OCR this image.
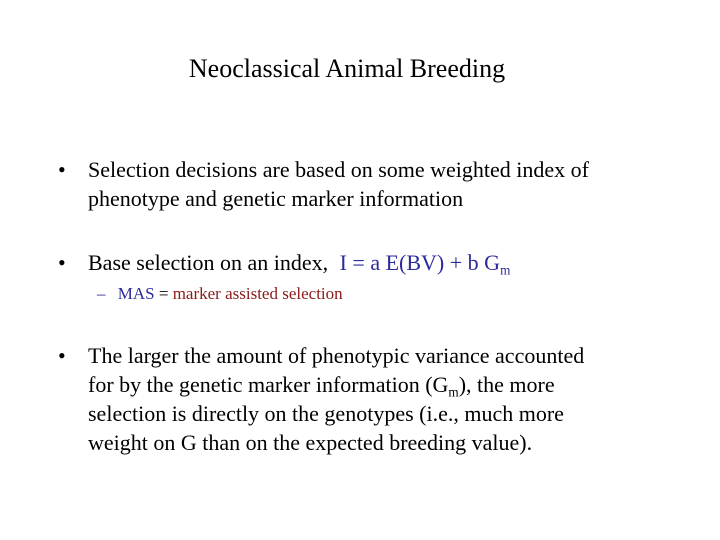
Neoclassical Animal Breeding
• Selection decisions are based on some weighted index of
phenotype and genetic marker information
• Base selection on an index, I = a E(BV) + b $G_m$
– MAS = marker assisted selection
• The larger the amount of phenotypic variance accounted
for by the genetic marker information $(G_m)$, the more
selection is directly on the genotypes (i.e., much more
weight on G than on the expected breeding value).
